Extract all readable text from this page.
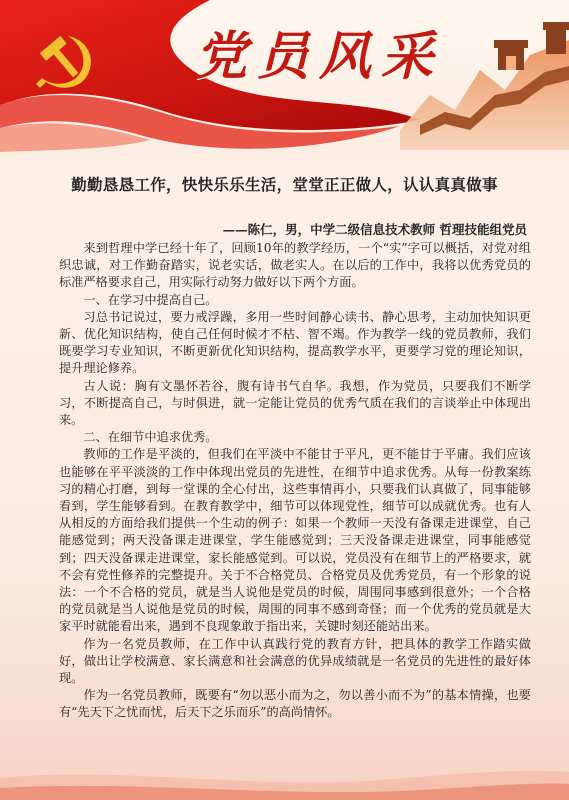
党员风采
勤勤恳恳工作，快快乐乐生活，堂堂正正做人，认认真真做事
——陈仁，男，中学二级信息技术教师 哲理技能组党员

来到哲理中学已经十年了，回顾10年的教学经历，一个“实”字可以概括，对党对组织忠诚，对工作勤奋踏实，说老实话，做老实人。在以后的工作中，我将以优秀党员的标准严格要求自己，用实际行动努力做好以下两个方面。

一、在学习中提高自己。

习总书记说过，要力戒浮躁，多用一些时间静心读书、静心思考，主动加快知识更新、优化知识结构，使自己任何时候才不枯、智不竭。作为教学一线的党员教师，我们既要学习专业知识，不断更新优化知识结构，提高教学水平，更要学习党的理论知识，提升理论修养。

古人说：胸有文墨怀若谷，腹有诗书气自华。我想，作为党员，只要我们不断学习，不断提高自己，与时俱进，就一定能让党员的优秀气质在我们的言谈举止中体现出来。

二、在细节中追求优秀。

教师的工作是平淡的，但我们在平淡中不能甘于平凡，更不能甘于平庸。我们应该也能够在平平淡淡的工作中体现出党员的先进性，在细节中追求优秀。从每一份教案练习的精心打磨，到每一堂课的全心付出，这些事情再小，只要我们认真做了，同事能够看到，学生能够看到。在教育教学中，细节可以体现党性，细节可以成就优秀。也有人从相反的方面给我们提供一个生动的例子：如果一个教师一天没有备课走进课堂，自己能感觉到；两天没备课走进课堂，学生能感觉到；三天没备课走进课堂，同事能感觉到；四天没备课走进课堂，家长能感觉到。可以说，党员没有在细节上的严格要求，就不会有党性修养的完整提升。关于不合格党员、合格党员及优秀党员，有一个形象的说法：一个不合格的党员，就是当人说他是党员的时候，周围同事感到很意外；一个合格的党员就是当人说他是党员的时候，周围的同事不感到奇怪；而一个优秀的党员就是大家平时就能看出来，遇到不良现象敢于指出来，关键时刻还能站出来。

作为一名党员教师，在工作中认真践行党的教育方针，把具体的教学工作踏实做好，做出让学校满意、家长满意和社会满意的优异成绩就是一名党员的先进性的最好体现。

作为一名党员教师，既要有“勿以恶小而为之，勿以善小而不为”的基本情操，也要有“先天下之忧而忧，后天下之乐而乐”的高尚情怀。
